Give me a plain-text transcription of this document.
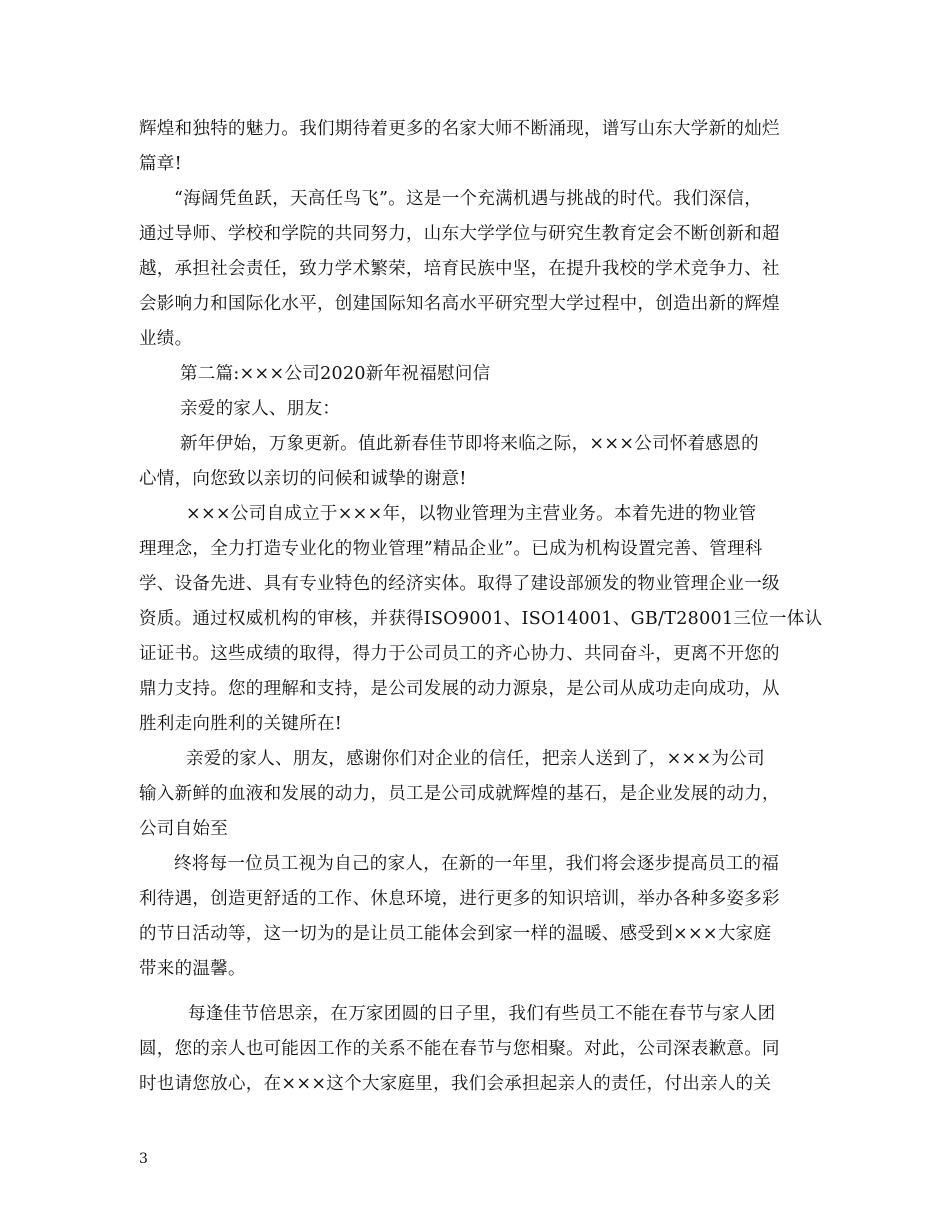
辉煌和独特的魅力。我们期待着更多的名家大师不断涌现，谱写山东大学新的灿烂
篇章!
“海阔凭鱼跃，天高任鸟飞”。这是一个充满机遇与挑战的时代。我们深信，
通过导师、学校和学院的共同努力，山东大学学位与研究生教育定会不断创新和超
越，承担社会责任，致力学术繁荣，培育民族中坚，在提升我校的学术竞争力、社
会影响力和国际化水平，创建国际知名高水平研究型大学过程中，创造出新的辉煌
业绩。
第二篇:×××公司2020新年祝福慰问信
亲爱的家人、朋友：
新年伊始，万象更新。值此新春佳节即将来临之际，×××公司怀着感恩的
心情，向您致以亲切的问候和诚挚的谢意!
×××公司自成立于×××年，以物业管理为主营业务。本着先进的物业管
理理念，全力打造专业化的物业管理”精品企业”。已成为机构设置完善、管理科
学、设备先进、具有专业特色的经济实体。取得了建设部颁发的物业管理企业一级
资质。通过权威机构的审核，并获得ISO9001、ISO14001、GB/T28001三位一体认
证证书。这些成绩的取得，得力于公司员工的齐心协力、共同奋斗，更离不开您的
鼎力支持。您的理解和支持，是公司发展的动力源泉，是公司从成功走向成功，从
胜利走向胜利的关键所在!
亲爱的家人、朋友，感谢你们对企业的信任，把亲人送到了，×××为公司
输入新鲜的血液和发展的动力，员工是公司成就辉煌的基石，是企业发展的动力，
公司自始至
终将每一位员工视为自己的家人，在新的一年里，我们将会逐步提高员工的福
利待遇，创造更舒适的工作、休息环境，进行更多的知识培训，举办各种多姿多彩
的节日活动等，这一切为的是让员工能体会到家一样的温暖、感受到×××大家庭
带来的温馨。
每逢佳节倍思亲，在万家团圆的日子里，我们有些员工不能在春节与家人团
圆，您的亲人也可能因工作的关系不能在春节与您相聚。对此，公司深表歉意。同
时也请您放心，在×××这个大家庭里，我们会承担起亲人的责任，付出亲人的关
3
